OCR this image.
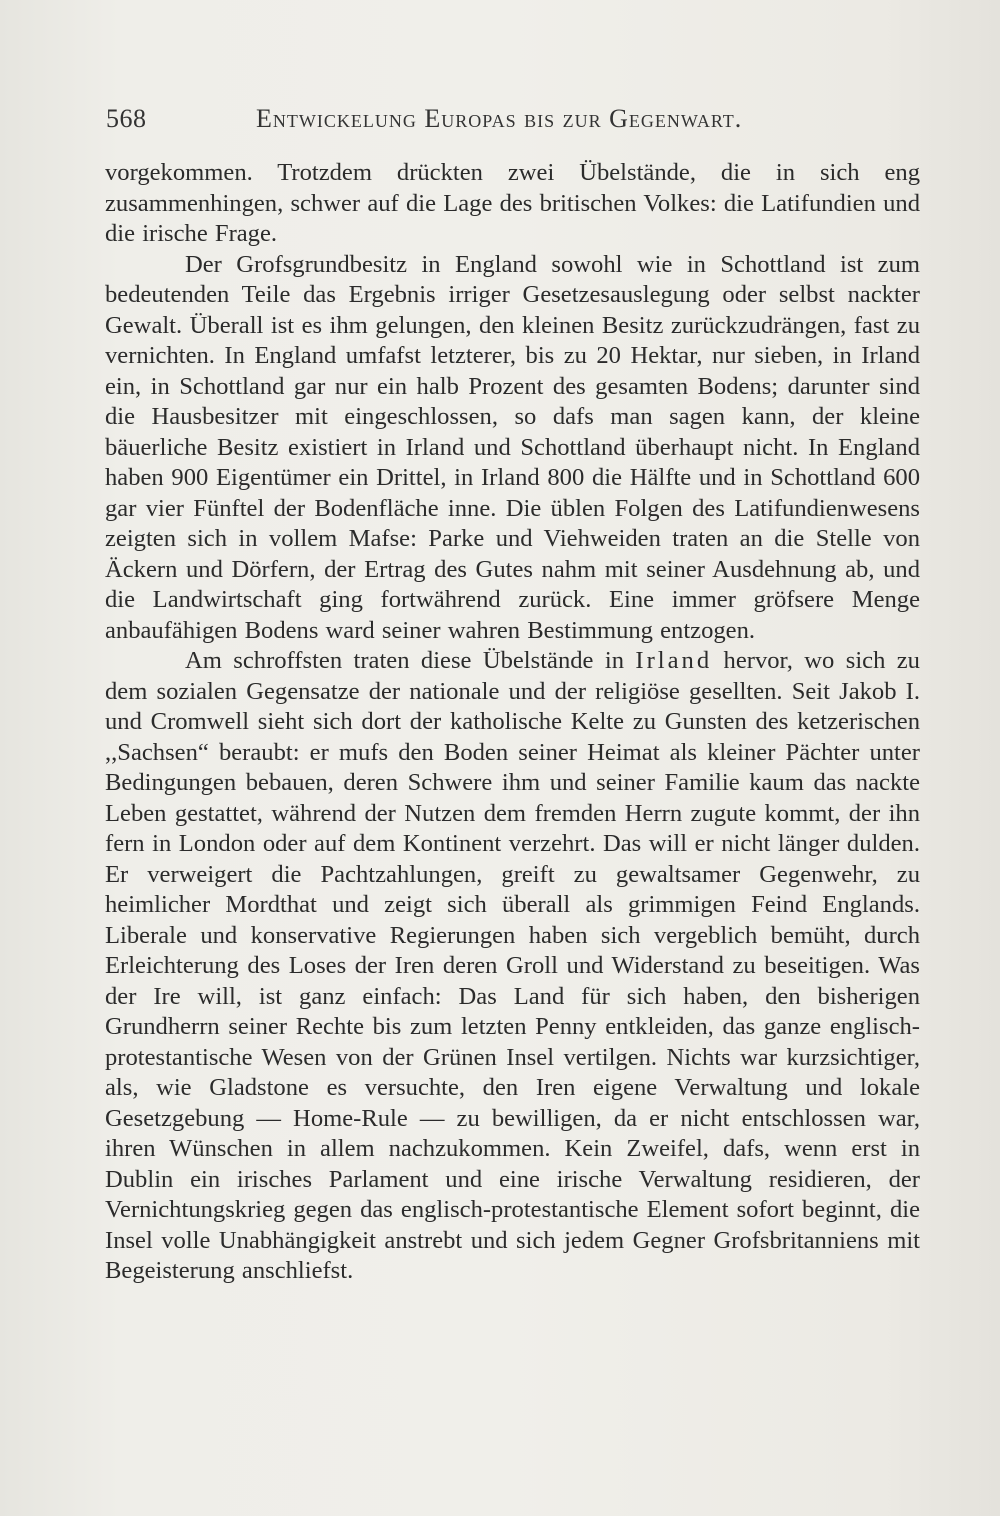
568	Entwickelung Europas bis zur Gegenwart.

vorgekommen. Trotzdem drückten zwei Übelstände, die in sich eng zusammenhingen, schwer auf die Lage des britischen Volkes: die Latifundien und die irische Frage.

Der Grofsgrundbesitz in England sowohl wie in Schottland ist zum bedeutenden Teile das Ergebnis irriger Gesetzesauslegung oder selbst nackter Gewalt. Überall ist es ihm gelungen, den kleinen Besitz zurückzudrängen, fast zu vernichten. In England umfafst letzterer, bis zu 20 Hektar, nur sieben, in Irland ein, in Schottland gar nur ein halb Prozent des gesamten Bodens; darunter sind die Hausbesitzer mit eingeschlossen, so dafs man sagen kann, der kleine bäuerliche Besitz existiert in Irland und Schottland überhaupt nicht. In England haben 900 Eigentümer ein Drittel, in Irland 800 die Hälfte und in Schottland 600 gar vier Fünftel der Bodenfläche inne. Die üblen Folgen des Latifundienwesens zeigten sich in vollem Mafse: Parke und Viehweiden traten an die Stelle von Äckern und Dörfern, der Ertrag des Gutes nahm mit seiner Ausdehnung ab, und die Landwirtschaft ging fortwährend zurück. Eine immer gröfsere Menge anbaufähigen Bodens ward seiner wahren Bestimmung entzogen.

Am schroffsten traten diese Übelstände in Irland hervor, wo sich zu dem sozialen Gegensatze der nationale und der religiöse gesellten. Seit Jakob I. und Cromwell sieht sich dort der katholische Kelte zu Gunsten des ketzerischen ,,Sachsen“ beraubt: er mufs den Boden seiner Heimat als kleiner Pächter unter Bedingungen bebauen, deren Schwere ihm und seiner Familie kaum das nackte Leben gestattet, während der Nutzen dem fremden Herrn zugute kommt, der ihn fern in London oder auf dem Kontinent verzehrt. Das will er nicht länger dulden. Er verweigert die Pachtzahlungen, greift zu gewaltsamer Gegenwehr, zu heimlicher Mordthat und zeigt sich überall als grimmigen Feind Englands. Liberale und konservative Regierungen haben sich vergeblich bemüht, durch Erleichterung des Loses der Iren deren Groll und Widerstand zu beseitigen. Was der Ire will, ist ganz einfach: Das Land für sich haben, den bisherigen Grundherrn seiner Rechte bis zum letzten Penny entkleiden, das ganze englisch-protestantische Wesen von der Grünen Insel vertilgen. Nichts war kurzsichtiger, als, wie Gladstone es versuchte, den Iren eigene Verwaltung und lokale Gesetzgebung — Home-Rule — zu bewilligen, da er nicht entschlossen war, ihren Wünschen in allem nachzukommen. Kein Zweifel, dafs, wenn erst in Dublin ein irisches Parlament und eine irische Verwaltung residieren, der Vernichtungskrieg gegen das englisch-protestantische Element sofort beginnt, die Insel volle Unabhängigkeit anstrebt und sich jedem Gegner Grofsbritanniens mit Begeisterung anschliefst.
